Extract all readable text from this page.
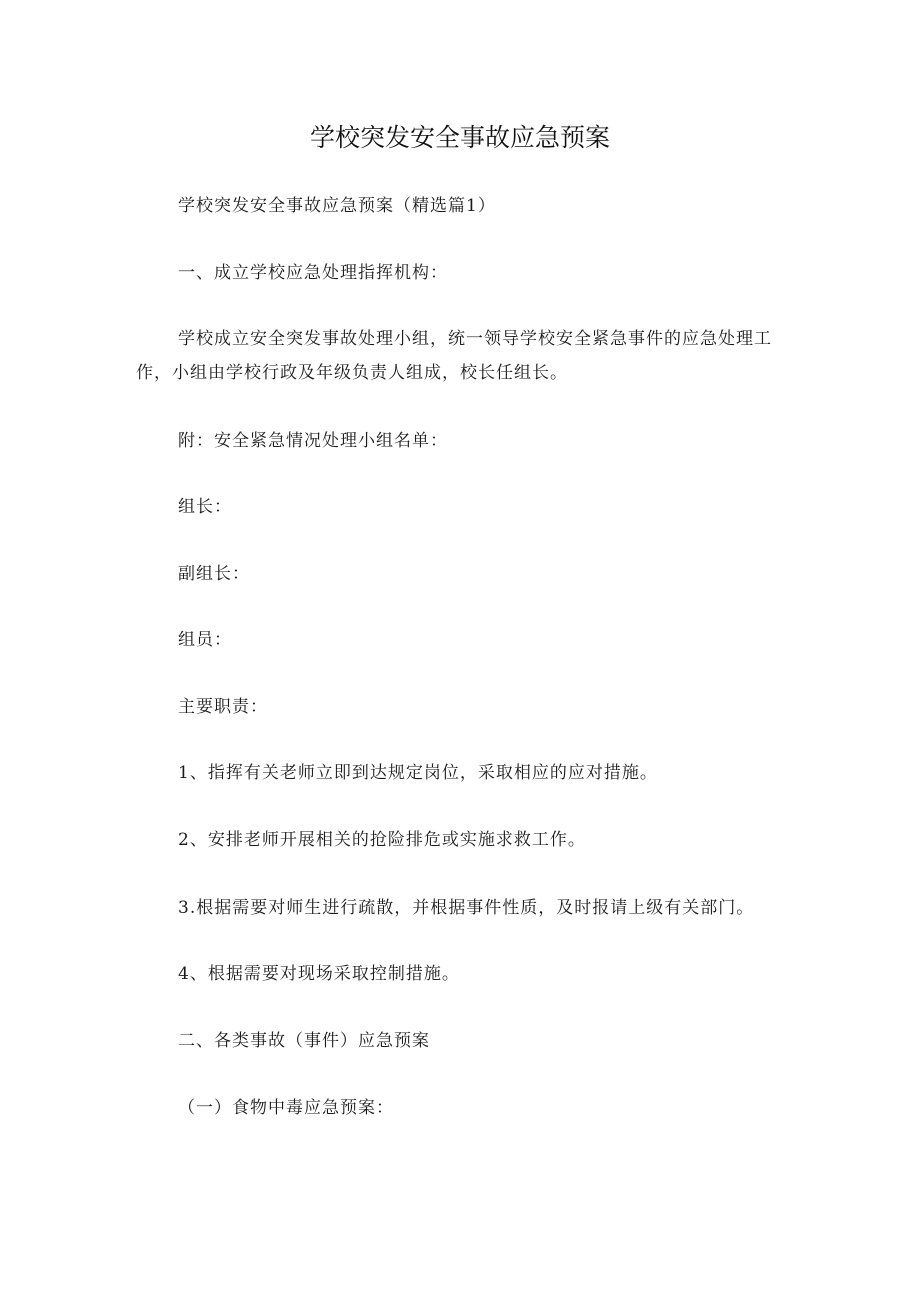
学校突发安全事故应急预案

学校突发安全事故应急预案（精选篇1）

一、成立学校应急处理指挥机构：

学校成立安全突发事故处理小组，统一领导学校安全紧急事件的应急处理工作，小组由学校行政及年级负责人组成，校长任组长。

附：安全紧急情况处理小组名单：

组长：

副组长：

组员：

主要职责：

1、指挥有关老师立即到达规定岗位，采取相应的应对措施。

2、安排老师开展相关的抢险排危或实施求救工作。

3.根据需要对师生进行疏散，并根据事件性质，及时报请上级有关部门。

4、根据需要对现场采取控制措施。

二、各类事故（事件）应急预案

（一）食物中毒应急预案：
